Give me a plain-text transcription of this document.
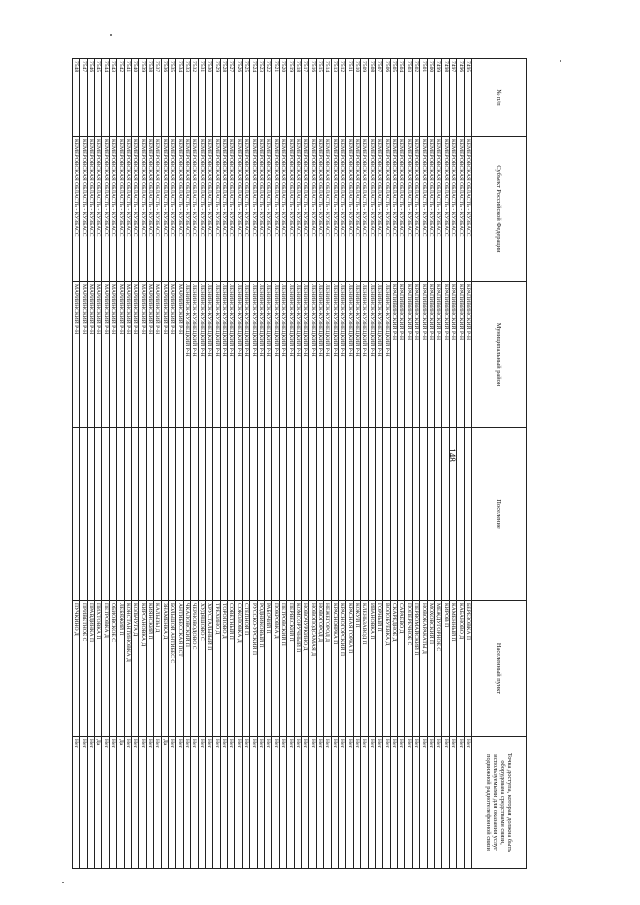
148
№ п/п	Субъект Российской Федерации	Муниципальный район	Поселение	Населенный пункт	Точка доступа, которая должна быть оборудована средствами связи, используемыми для оказания услуг подвижной радиотелефонной связи
7495	КЕМЕРОВСКАЯ ОБЛАСТЬ - КУЗБАСС	КРАПИВИНСКИЙ Р-Н		БЕРЕЗОВКА П	Нет
7496	КЕМЕРОВСКАЯ ОБЛАСТЬ - КУЗБАСС	КРАПИВИНСКИЙ Р-Н		КАБАНОВО Д	Нет
7497	КЕМЕРОВСКАЯ ОБЛАСТЬ - КУЗБАСС	КРАПИВИНСКИЙ Р-Н		КАМЕННЫЙ П	Нет
7498	КЕМЕРОВСКАЯ ОБЛАСТЬ - КУЗБАСС	КРАПИВИНСКИЙ Р-Н		КИРОВ П	Нет
7499	КЕМЕРОВСКАЯ ОБЛАСТЬ - КУЗБАСС	КРАПИВИНСКИЙ Р-Н		МЕЖДУГОРНОЕ С	Нет
7500	КЕМЕРОВСКАЯ ОБЛАСТЬ - КУЗБАСС	КРАПИВИНСКИЙ Р-Н		МОХОВСКИЙ П	Нет
7501	КЕМЕРОВСКАЯ ОБЛАСТЬ - КУЗБАСС	КРАПИВИНСКИЙ Р-Н		НОВОКАРАКАТЫ Д	Нет
7502	КЕМЕРОВСКАЯ ОБЛАСТЬ - КУЗБАСС	КРАПИВИНСКИЙ Р-Н		ПЕРВОМАЙСКИЙ П	Нет
7503	КЕМЕРОВСКАЯ ОБЛАСТЬ - КУЗБАСС	КРАПИВИНСКИЙ Р-Н		ПОПЕРЕЧНОЕ С	Нет
7504	КЕМЕРОВСКАЯ ОБЛАСТЬ - КУЗБАСС	КРАПИВИНСКИЙ Р-Н		САРАЕВО Д	Нет
7505	КЕМЕРОВСКАЯ ОБЛАСТЬ - КУЗБАСС	КРАПИВИНСКИЙ Р-Н		СКАРЕДНОЕ Д	Нет
7506	КЕМЕРОВСКАЯ ОБЛАСТЬ - КУЗБАСС	ЛЕНИНСК-КУЗНЕЦКИЙ Р-Н		ВОЛОБУЕВКА Д	Нет
7507	КЕМЕРОВСКАЯ ОБЛАСТЬ - КУЗБАСС	ЛЕНИНСК-КУЗНЕЦКИЙ Р-Н		ГОРНЫЙ П	Нет
7508	КЕМЕРОВСКАЯ ОБЛАСТЬ - КУЗБАСС	ЛЕНИНСК-КУЗНЕЦКИЙ Р-Н		ИВАНОВКА П	Нет
7509	КЕМЕРОВСКАЯ ОБЛАСТЬ - КУЗБАСС	ЛЕНИНСК-КУЗНЕЦКИЙ Р-Н		КЛЕНЬЗАВОД П	Нет
7510	КЕМЕРОВСКАЯ ОБЛАСТЬ - КУЗБАСС	ЛЕНИНСК-КУЗНЕЦКИЙ Р-Н		КОКУЙ П	Нет
7511	КЕМЕРОВСКАЯ ОБЛАСТЬ - КУЗБАСС	ЛЕНИНСК-КУЗНЕЦКИЙ Р-Н		КРАСНАЯ ГОРКА П	Нет
7512	КЕМЕРОВСКАЯ ОБЛАСТЬ - КУЗБАСС	ЛЕНИНСК-КУЗНЕЦКИЙ Р-Н		КРАСНОГОРСКИЙ П	Нет
7513	КЕМЕРОВСКАЯ ОБЛАСТЬ - КУЗБАСС	ЛЕНИНСК-КУЗНЕЦКИЙ Р-Н		КРАСНОЯРКА П	Нет
7514	КЕМЕРОВСКАЯ ОБЛАСТЬ - КУЗБАСС	ЛЕНИНСК-КУЗНЕЦКИЙ Р-Н		НЕЖЕГОРОД Д	Нет
7515	КЕМЕРОВСКАЯ ОБЛАСТЬ - КУЗБАСС	ЛЕНИНСК-КУЗНЕЦКИЙ Р-Н		НОВОГОРОД Д	Нет
7516	КЕМЕРОВСКАЯ ОБЛАСТЬ - КУЗБАСС	ЛЕНИНСК-КУЗНЕЦКИЙ Р-Н		НОВОПОДСАМАЯ Д	Нет
7517	КЕМЕРОВСКАЯ ОБЛАСТЬ - КУЗБАСС	ЛЕНИНСК-КУЗНЕЦКИЙ Р-Н		НОВОЧУРКИНО Д	Нет
7518	КЕМЕРОВСКАЯ ОБЛАСТЬ - КУЗБАСС	ЛЕНИНСК-КУЗНЕЦКИЙ Р-Н		КОМСОРУЧНЫЙ П	Нет
7519	КЕМЕРОВСКАЯ ОБЛАСТЬ - КУЗБАСС	ЛЕНИНСК-КУЗНЕЦКИЙ Р-Н		ПЕРВЕСКИЙ П	Нет
7520	КЕМЕРОВСКАЯ ОБЛАСТЬ - КУЗБАСС	ЛЕНИНСК-КУЗНЕЦКИЙ Р-Н		ПЕТРОВСКИЙ П	Нет
7521	КЕМЕРОВСКАЯ ОБЛАСТЬ - КУЗБАСС	ЛЕНИНСК-КУЗНЕЦКИЙ Р-Н		ПОКРОВКА Д	Нет
7522	КЕМЕРОВСКАЯ ОБЛАСТЬ - КУЗБАСС	ЛЕНИНСК-КУЗНЕЦКИЙ Р-Н		РАБОЧИЙ П	Нет
7523	КЕМЕРОВСКАЯ ОБЛАСТЬ - КУЗБАСС	ЛЕНИНСК-КУЗНЕЦКИЙ Р-Н		РОДНИКОВЫЙ П	Нет
7524	КЕМЕРОВСКАЯ ОБЛАСТЬ - КУЗБАСС	ЛЕНИНСК-КУЗНЕЦКИЙ Р-Н		РУССКО-УРСКИЙ П	Нет
7525	КЕМЕРОВСКАЯ ОБЛАСТЬ - КУЗБАСС	ЛЕНИНСК-КУЗНЕЦКИЙ Р-Н		СТЕПНОЙ П	Нет
7526	КЕМЕРОВСКАЯ ОБЛАСТЬ - КУЗБАСС	ЛЕНИНСК-КУЗНЕЦКИЙ Р-Н		СОКОЛОВКА Д	Нет
7527	КЕМЕРОВСКАЯ ОБЛАСТЬ - КУЗБАСС	ЛЕНИНСК-КУЗНЕЦКИЙ Р-Н		СОВЕТНЫЙ П	Нет
7528	КЕМЕРОВСКАЯ ОБЛАСТЬ - КУЗБАСС	ЛЕНИНСК-КУЗНЕЦКИЙ Р-Н		ТОРОПОВО Д	Нет
7529	КЕМЕРОВСКАЯ ОБЛАСТЬ - КУЗБАСС	ЛЕНИНСК-КУЗНЕЦКИЙ Р-Н		ТРЕХИНО Д	Нет
7530	КЕМЕРОВСКАЯ ОБЛАСТЬ - КУЗБАСС	ЛЕНИНСК-КУЗНЕЦКИЙ Р-Н		ХРУСТАЛЬНЫЙ П	Нет
7531	КЕМЕРОВСКАЯ ОБЛАСТЬ - КУЗБАСС	ЛЕНИНСК-КУЗНЕЦКИЙ Р-Н		ХУДЯШОВО С	Нет
7532	КЕМЕРОВСКАЯ ОБЛАСТЬ - КУЗБАСС	ЛЕНИНСК-КУЗНЕЦКИЙ Р-Н		ЧЕРНОВОДОВО С	Нет
7533	КЕМЕРОВСКАЯ ОБЛАСТЬ - КУЗБАСС	ЛЕНИНСК-КУЗНЕЦКИЙ Р-Н		ЧКАЛОВСКИЙ П	Нет
7534	КЕМЕРОВСКАЯ ОБЛАСТЬ - КУЗБАСС	МАРИИНСКИЙ Р-Н		АНТИБЕССКАЯ ПСТ	Нет
7535	КЕМЕРОВСКАЯ ОБЛАСТЬ - КУЗБАСС	МАРИИНСКИЙ Р-Н		БОЛЬШОЙ АНТИБЕС С	Нет
7536	КЕМЕРОВСКАЯ ОБЛАСТЬ - КУЗБАСС	МАРИИНСКИЙ Р-Н		ЗНАМЕНКА Д	Да
7537	КЕМЕРОВСКАЯ ОБЛАСТЬ - КУЗБАСС	МАРИИНСКИЙ Р-Н		КАЛЫЗЫ Д	Нет
7538	КЕМЕРОВСКАЯ ОБЛАСТЬ - КУЗБАСС	МАРИИНСКИЙ Р-Н		КИЯНСКИЙ П	Нет
7539	КЕМЕРОВСКАЯ ОБЛАСТЬ - КУЗБАСС	МАРИИНСКИЙ Р-Н		КИРСАНОВКА Д	Нет
7540	КЕМЕРОВСКАЯ ОБЛАСТЬ - КУЗБАСС	МАРИИНСКИЙ Р-Н		КОЛЬЧУГА Д	Нет
7541	КЕМЕРОВСКАЯ ОБЛАСТЬ - КУЗБАСС	МАРИИНСКИЙ Р-Н		КОНСТАНТИНОВКА Д	Нет
7542	КЕМЕРОВСКАЯ ОБЛАСТЬ - КУЗБАСС	МАРИИНСКИЙ Р-Н		ЛЕБЯЖИЙ П	Да
7543	КЕМЕРОВСКАЯ ОБЛАСТЬ - КУЗБАСС	МАРИИНСКИЙ Р-Н		ОБИОВСКОЕ С	Нет
7544	КЕМЕРОВСКАЯ ОБЛАСТЬ - КУЗБАСС	МАРИИНСКИЙ Р-Н		ПЕТРОВКА Д	Нет
7545	КЕМЕРОВСКАЯ ОБЛАСТЬ - КУЗБАСС	МАРИИНСКИЙ Р-Н		ПИХТОВКА П	Да
7546	КЕМЕРОВСКАЯ ОБЛАСТЬ - КУЗБАСС	МАРИИНСКИЙ Р-Н		ПРАВДИНКА П	Нет
7547	КЕМЕРОВСКАЯ ОБЛАСТЬ - КУЗБАСС	МАРИИНСКИЙ Р-Н		ПРИВЕТНОЕ С	Нет
7548	КЕМЕРОВСКАЯ ОБЛАСТЬ - КУЗБАСС	МАРИИНСКИЙ Р-Н		ПУЧКИНО Д	Нет
